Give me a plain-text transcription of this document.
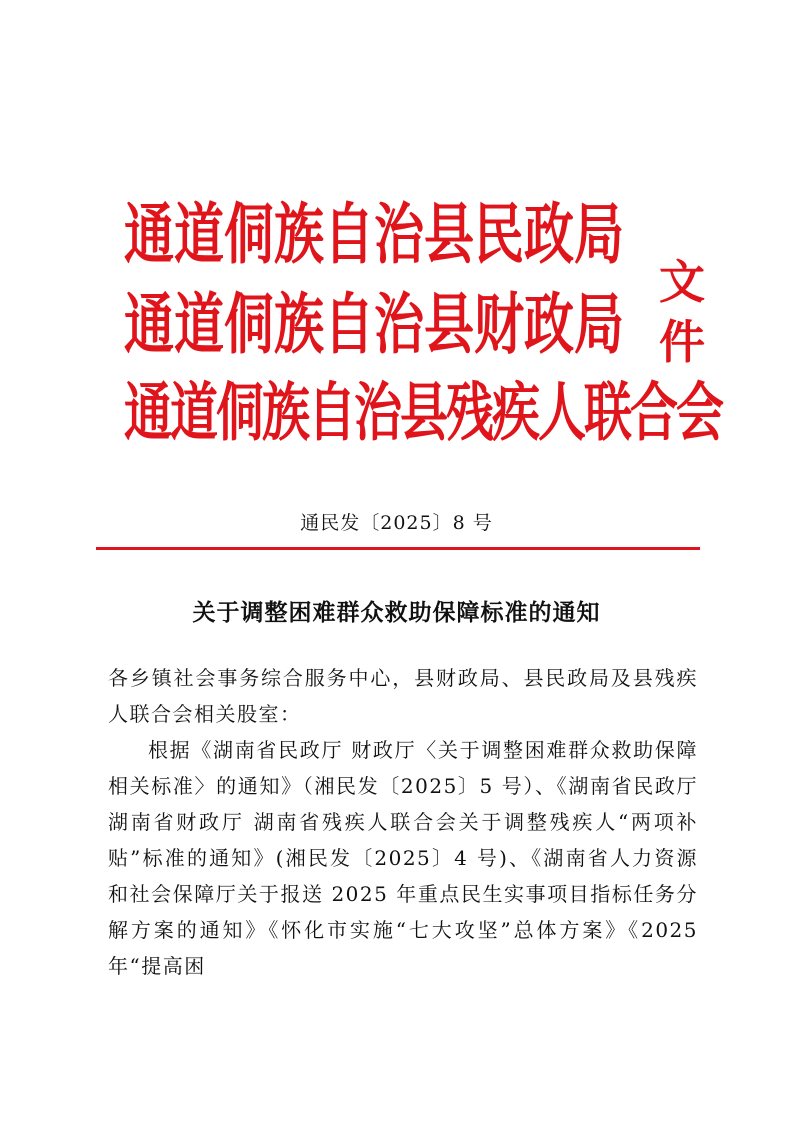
通道侗族自治县民政局
通道侗族自治县财政局
通道侗族自治县残疾人联合会
文件
通民发〔2025〕8 号
关于调整困难群众救助保障标准的通知

各乡镇社会事务综合服务中心，县财政局、县民政局及县残疾人联合会相关股室：

根据《湖南省民政厅 财政厅〈关于调整困难群众救助保障相关标准〉的通知》（湘民发〔2025〕5 号）、《湖南省民政厅 湖南省财政厅 湖南省残疾人联合会关于调整残疾人“两项补贴”标准的通知》(湘民发〔2025〕4 号)、《湖南省人力资源和社会保障厅关于报送 2025 年重点民生实事项目指标任务分解方案的通知》《怀化市实施“七大攻坚”总体方案》《2025 年“提高困
